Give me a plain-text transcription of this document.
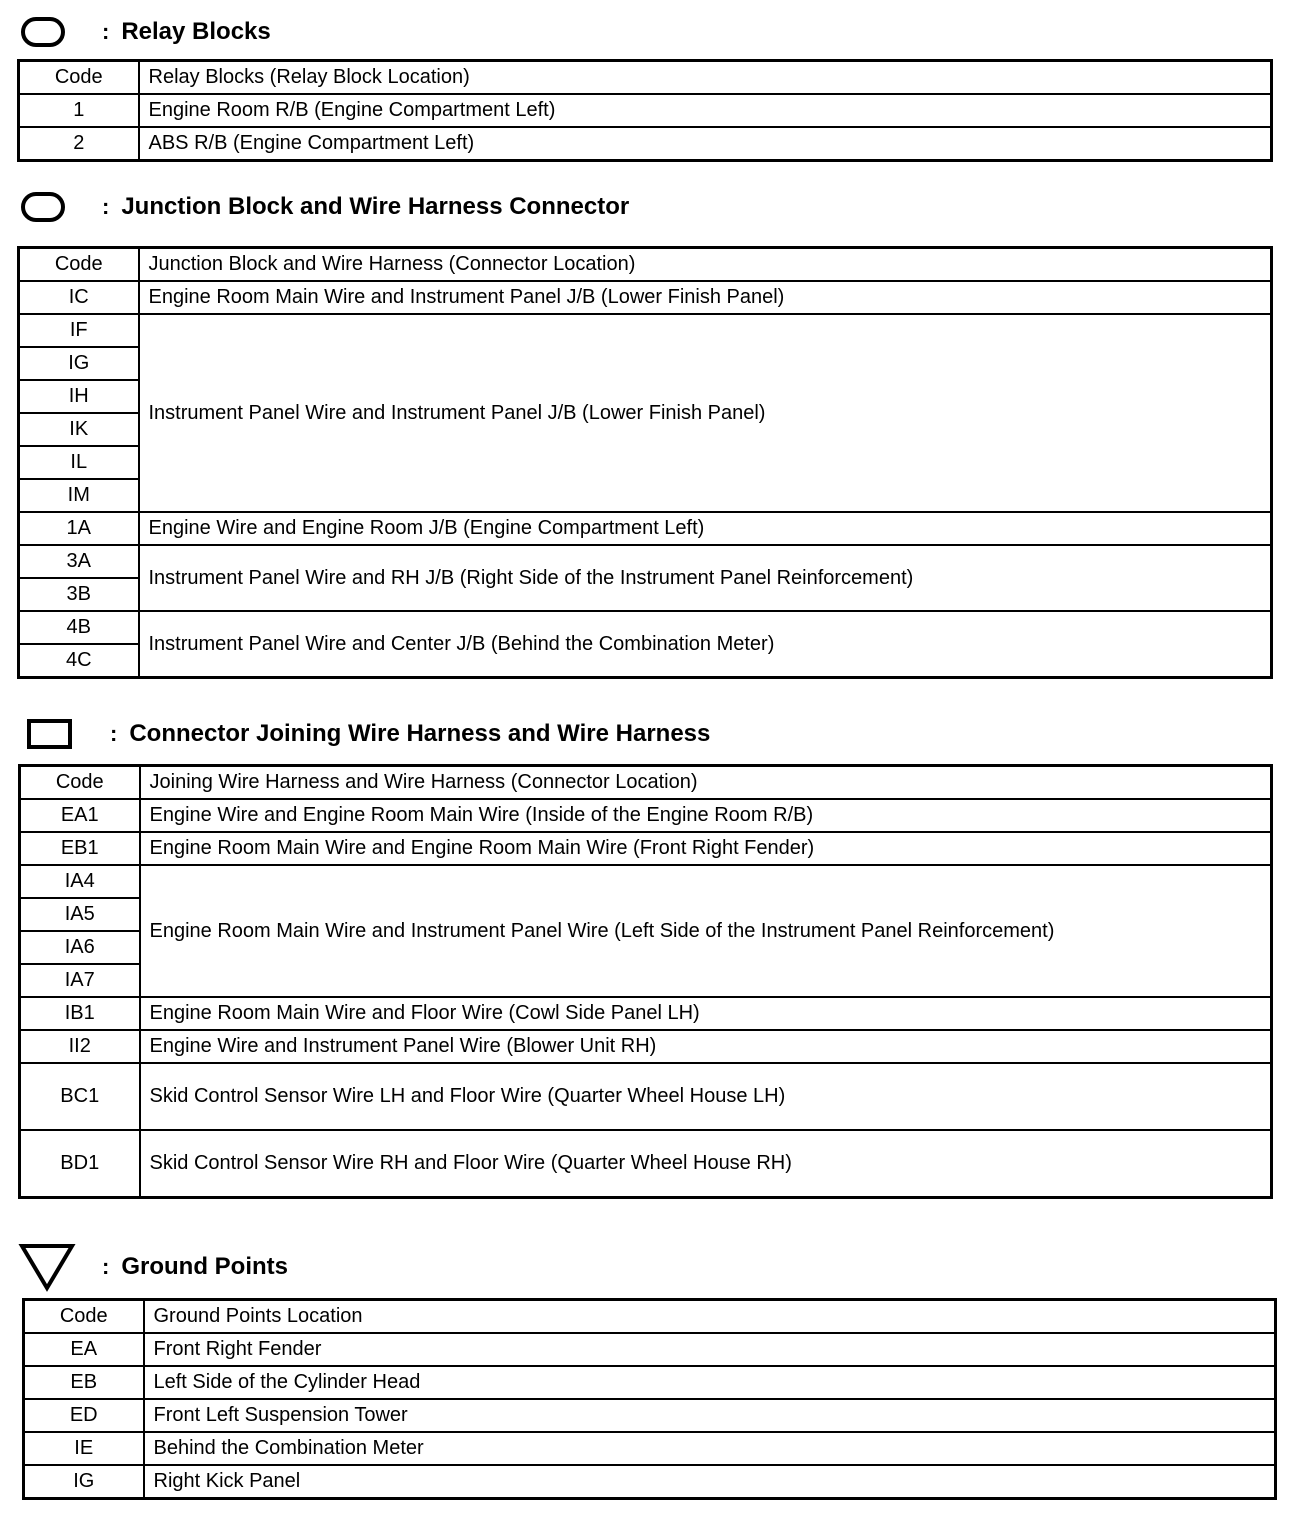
: Relay Blocks
Code	Relay Blocks (Relay Block Location)
1	Engine Room R/B (Engine Compartment Left)
2	ABS R/B (Engine Compartment Left)
: Junction Block and Wire Harness Connector
Code	Junction Block and Wire Harness (Connector Location)
IC	Engine Room Main Wire and Instrument Panel J/B (Lower Finish Panel)
IF	Instrument Panel Wire and Instrument Panel J/B (Lower Finish Panel)
IG	
IH	
IK	
IL	
IM	
1A	Engine Wire and Engine Room J/B (Engine Compartment Left)
3A	Instrument Panel Wire and RH J/B (Right Side of the Instrument Panel Reinforcement)
3B	
4B	Instrument Panel Wire and Center J/B (Behind the Combination Meter)
4C	
: Connector Joining Wire Harness and Wire Harness
Code	Joining Wire Harness and Wire Harness (Connector Location)
EA1	Engine Wire and Engine Room Main Wire (Inside of the Engine Room R/B)
EB1	Engine Room Main Wire and Engine Room Main Wire (Front Right Fender)
IA4	Engine Room Main Wire and Instrument Panel Wire (Left Side of the Instrument Panel Reinforcement)
IA5	
IA6	
IA7	
IB1	Engine Room Main Wire and Floor Wire (Cowl Side Panel LH)
II2	Engine Wire and Instrument Panel Wire (Blower Unit RH)
BC1	Skid Control Sensor Wire LH and Floor Wire (Quarter Wheel House LH)
BD1	Skid Control Sensor Wire RH and Floor Wire (Quarter Wheel House RH)
: Ground Points
Code	Ground Points Location
EA	Front Right Fender
EB	Left Side of the Cylinder Head
ED	Front Left Suspension Tower
IE	Behind the Combination Meter
IG	Right Kick Panel
